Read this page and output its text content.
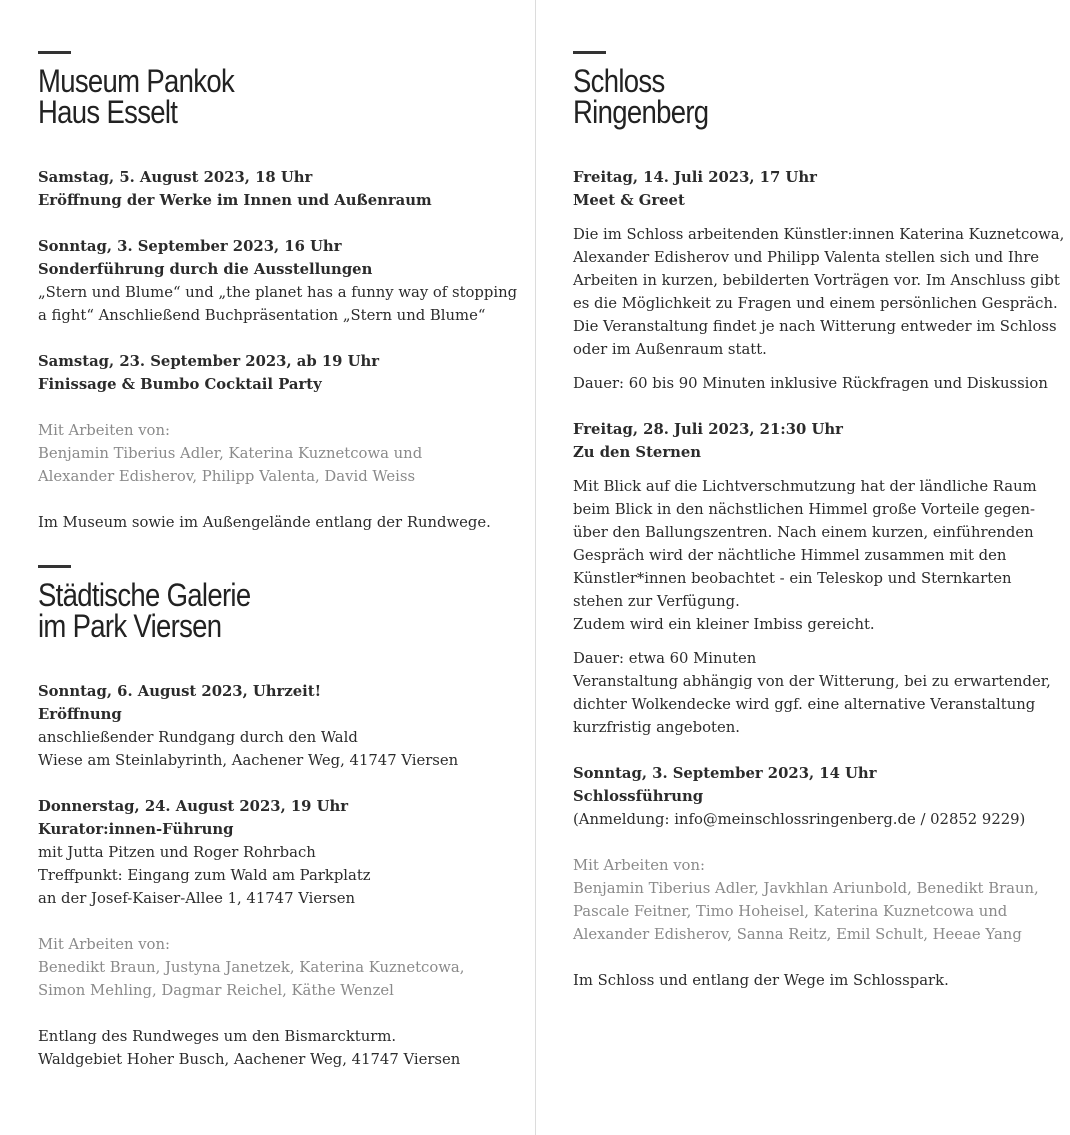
Museum Pankok
Haus Esselt
Samstag, 5. August 2023, 18 Uhr
Eröffnung der Werke im Innen und Außenraum
Sonntag, 3. September 2023, 16 Uhr
Sonderführung durch die Ausstellungen
„Stern und Blume“ und „the planet has a funny way of stopping
a fight“ Anschließend Buchpräsentation „Stern und Blume“
Samstag, 23. September 2023, ab 19 Uhr
Finissage & Bumbo Cocktail Party
Mit Arbeiten von:
Benjamin Tiberius Adler, Katerina Kuznetcowa und
Alexander Edisherov, Philipp Valenta, David Weiss
Im Museum sowie im Außengelände entlang der Rundwege.
Städtische Galerie
im Park Viersen
Sonntag, 6. August 2023, Uhrzeit!
Eröffnung
anschließender Rundgang durch den Wald
Wiese am Steinlabyrinth, Aachener Weg, 41747 Viersen
Donnerstag, 24. August 2023, 19 Uhr
Kurator:innen-Führung
mit Jutta Pitzen und Roger Rohrbach
Treffpunkt: Eingang zum Wald am Parkplatz
an der Josef-Kaiser-Allee 1, 41747 Viersen
Mit Arbeiten von:
Benedikt Braun, Justyna Janetzek, Katerina Kuznetcowa,
Simon Mehling, Dagmar Reichel, Käthe Wenzel
Entlang des Rundweges um den Bismarckturm.
Waldgebiet Hoher Busch, Aachener Weg, 41747 Viersen
Schloss
Ringenberg
Freitag, 14. Juli 2023, 17 Uhr
Meet & Greet
Die im Schloss arbeitenden Künstler:innen Katerina Kuznetcowa,
Alexander Edisherov und Philipp Valenta stellen sich und Ihre
Arbeiten in kurzen, bebilderten Vorträgen vor. Im Anschluss gibt
es die Möglichkeit zu Fragen und einem persönlichen Gespräch.
Die Veranstaltung findet je nach Witterung entweder im Schloss
oder im Außenraum statt.
Dauer: 60 bis 90 Minuten inklusive Rückfragen und Diskussion
Freitag, 28. Juli 2023, 21:30 Uhr
Zu den Sternen
Mit Blick auf die Lichtverschmutzung hat der ländliche Raum
beim Blick in den nächstlichen Himmel große Vorteile gegen-
über den Ballungszentren. Nach einem kurzen, einführenden
Gespräch wird der nächtliche Himmel zusammen mit den
Künstler*innen beobachtet - ein Teleskop und Sternkarten
stehen zur Verfügung.
Zudem wird ein kleiner Imbiss gereicht.
Dauer: etwa 60 Minuten
Veranstaltung abhängig von der Witterung, bei zu erwartender,
dichter Wolkendecke wird ggf. eine alternative Veranstaltung
kurzfristig angeboten.
Sonntag, 3. September 2023, 14 Uhr
Schlossführung
(Anmeldung: info@meinschlossringenberg.de / 02852 9229)
Mit Arbeiten von:
Benjamin Tiberius Adler, Javkhlan Ariunbold, Benedikt Braun,
Pascale Feitner, Timo Hoheisel, Katerina Kuznetcowa und
Alexander Edisherov, Sanna Reitz, Emil Schult, Heeae Yang
Im Schloss und entlang der Wege im Schlosspark.
